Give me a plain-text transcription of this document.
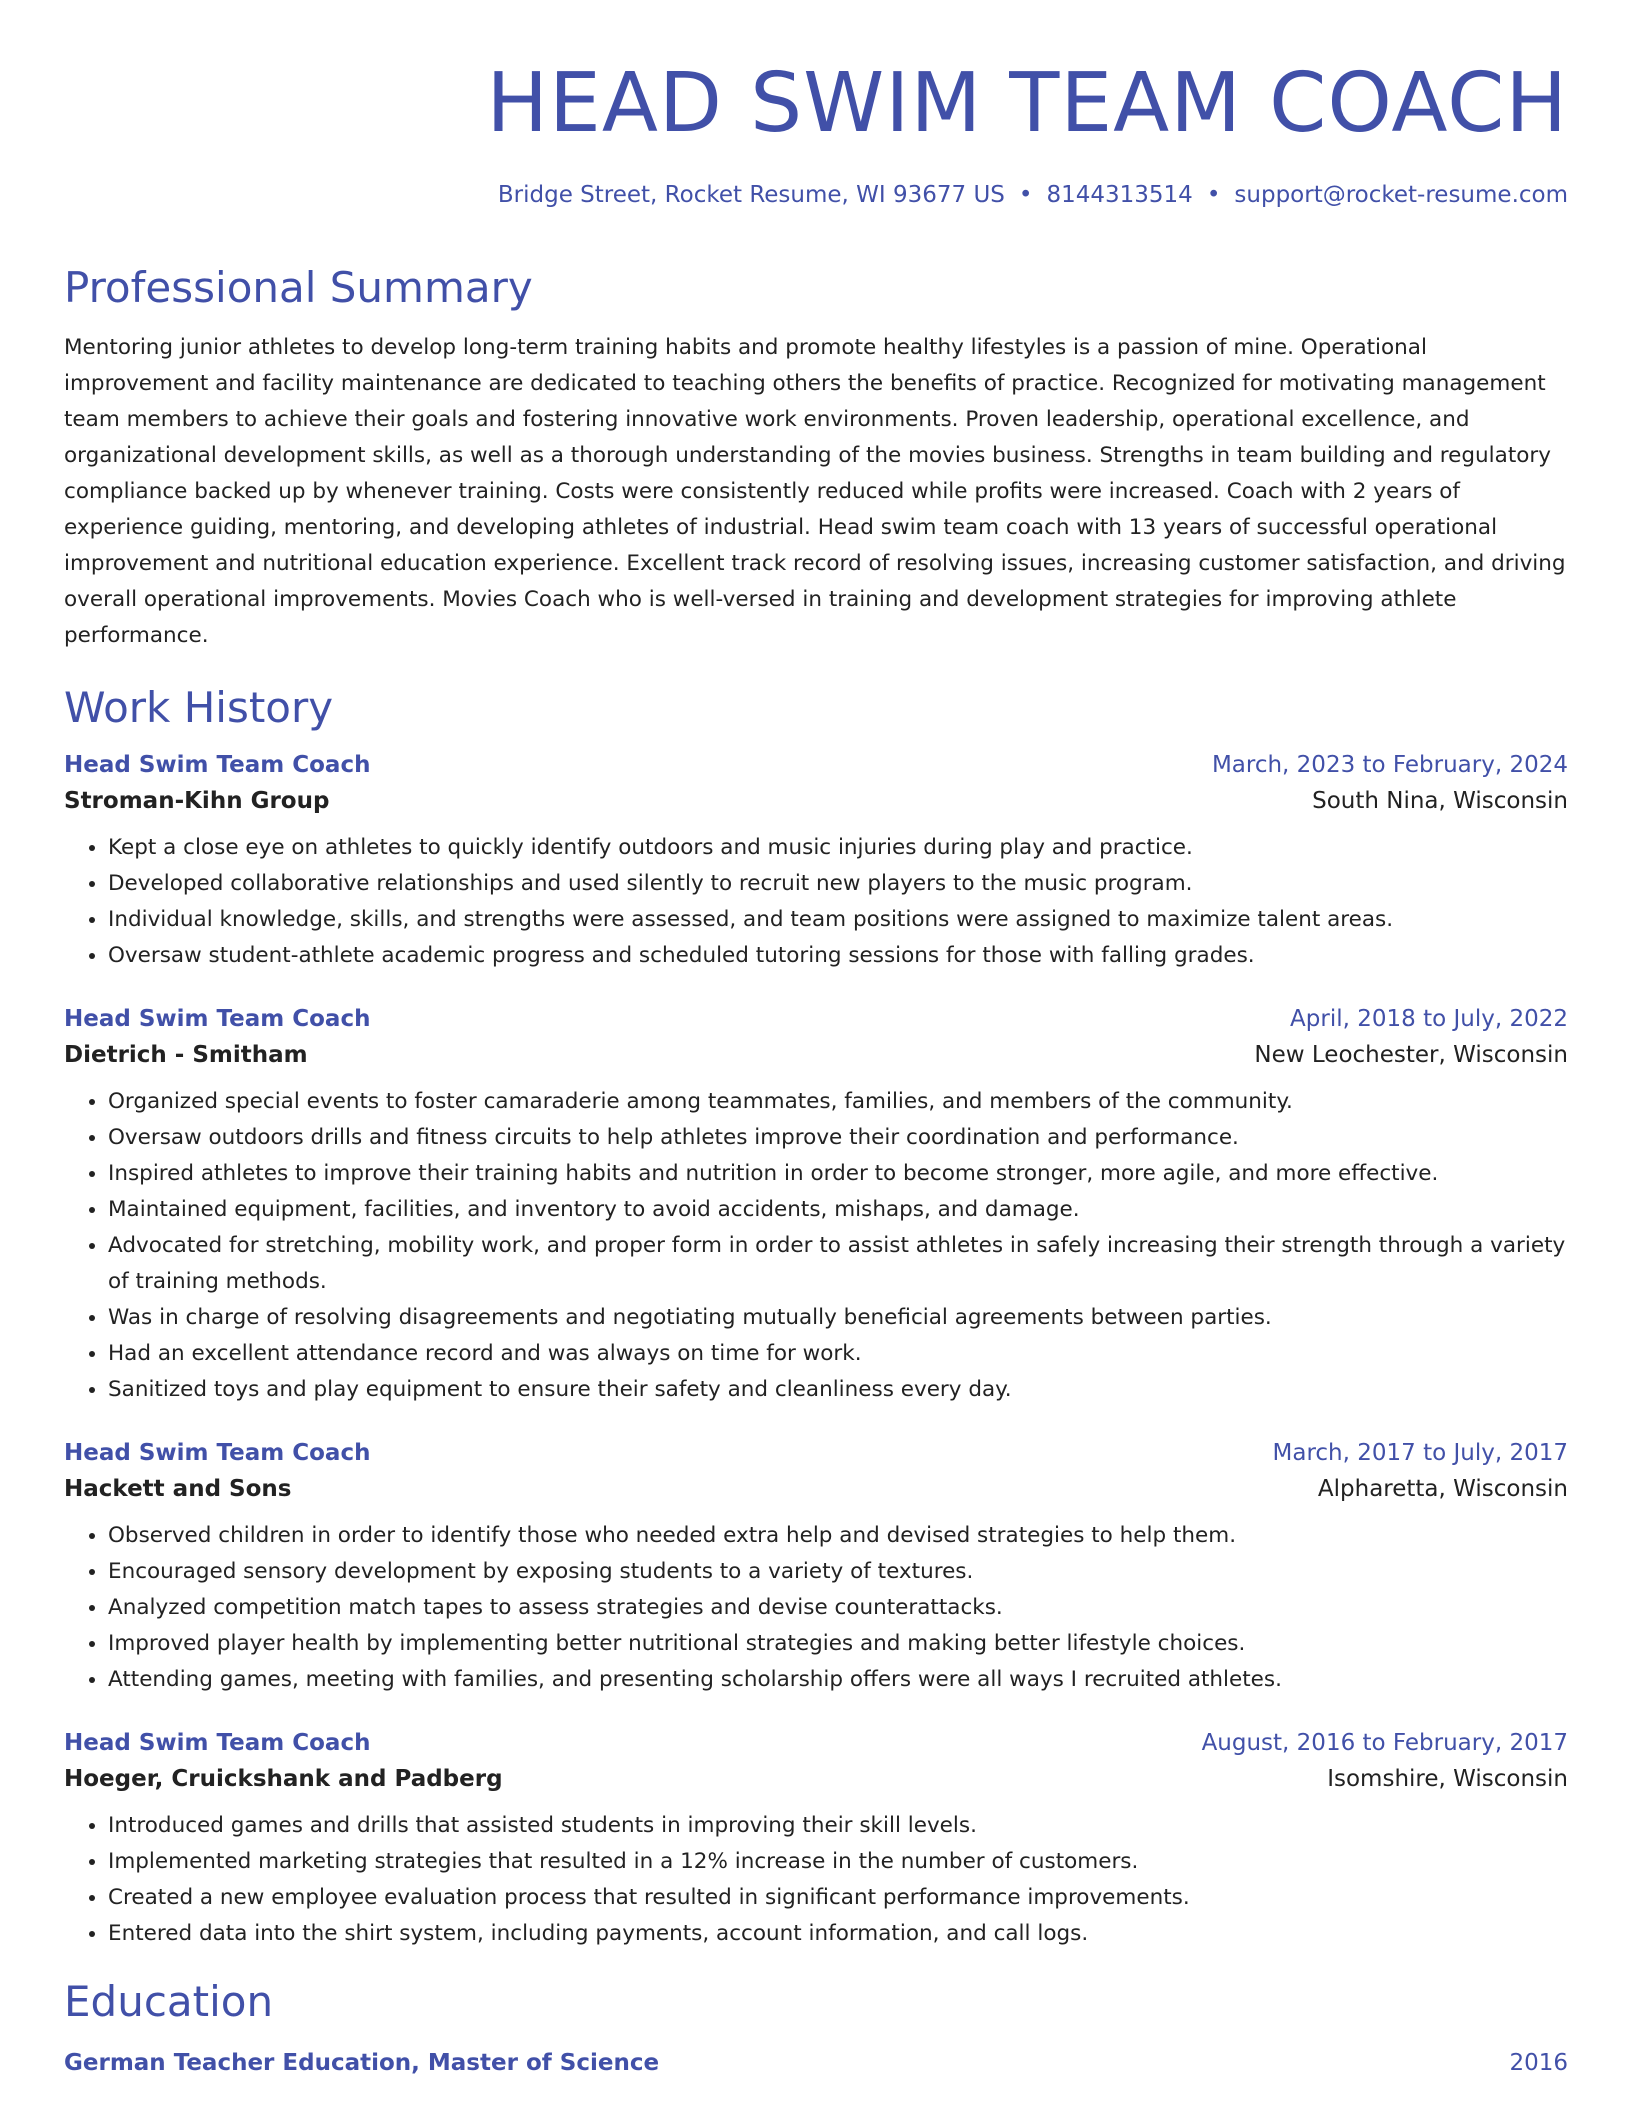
HEAD SWIM TEAM COACH
Bridge Street, Rocket Resume, WI 93677 US • 8144313514 • support@rocket-resume.com
Professional Summary

Mentoring junior athletes to develop long-term training habits and promote healthy lifestyles is a passion of mine. Operational improvement and facility maintenance are dedicated to teaching others the benefits of practice. Recognized for motivating management team members to achieve their goals and fostering innovative work environments. Proven leadership, operational excellence, and organizational development skills, as well as a thorough understanding of the movies business. Strengths in team building and regulatory compliance backed up by whenever training. Costs were consistently reduced while profits were increased. Coach with 2 years of experience guiding, mentoring, and developing athletes of industrial. Head swim team coach with 13 years of successful operational improvement and nutritional education experience. Excellent track record of resolving issues, increasing customer satisfaction, and driving overall operational improvements. Movies Coach who is well-versed in training and development strategies for improving athlete performance.

Work History
Head Swim Team Coach	March, 2023 to February, 2024
Stroman-Kihn Group	South Nina, Wisconsin
• Kept a close eye on athletes to quickly identify outdoors and music injuries during play and practice.
• Developed collaborative relationships and used silently to recruit new players to the music program.
• Individual knowledge, skills, and strengths were assessed, and team positions were assigned to maximize talent areas.
• Oversaw student-athlete academic progress and scheduled tutoring sessions for those with falling grades.
Head Swim Team Coach	April, 2018 to July, 2022
Dietrich - Smitham	New Leochester, Wisconsin
• Organized special events to foster camaraderie among teammates, families, and members of the community.
• Oversaw outdoors drills and fitness circuits to help athletes improve their coordination and performance.
• Inspired athletes to improve their training habits and nutrition in order to become stronger, more agile, and more effective.
• Maintained equipment, facilities, and inventory to avoid accidents, mishaps, and damage.
• Advocated for stretching, mobility work, and proper form in order to assist athletes in safely increasing their strength through a variety of training methods.
• Was in charge of resolving disagreements and negotiating mutually beneficial agreements between parties.
• Had an excellent attendance record and was always on time for work.
• Sanitized toys and play equipment to ensure their safety and cleanliness every day.
Head Swim Team Coach	March, 2017 to July, 2017
Hackett and Sons	Alpharetta, Wisconsin
• Observed children in order to identify those who needed extra help and devised strategies to help them.
• Encouraged sensory development by exposing students to a variety of textures.
• Analyzed competition match tapes to assess strategies and devise counterattacks.
• Improved player health by implementing better nutritional strategies and making better lifestyle choices.
• Attending games, meeting with families, and presenting scholarship offers were all ways I recruited athletes.
Head Swim Team Coach	August, 2016 to February, 2017
Hoeger, Cruickshank and Padberg	Isomshire, Wisconsin
• Introduced games and drills that assisted students in improving their skill levels.
• Implemented marketing strategies that resulted in a 12% increase in the number of customers.
• Created a new employee evaluation process that resulted in significant performance improvements.
• Entered data into the shirt system, including payments, account information, and call logs.
Education
German Teacher Education, Master of Science	2016
